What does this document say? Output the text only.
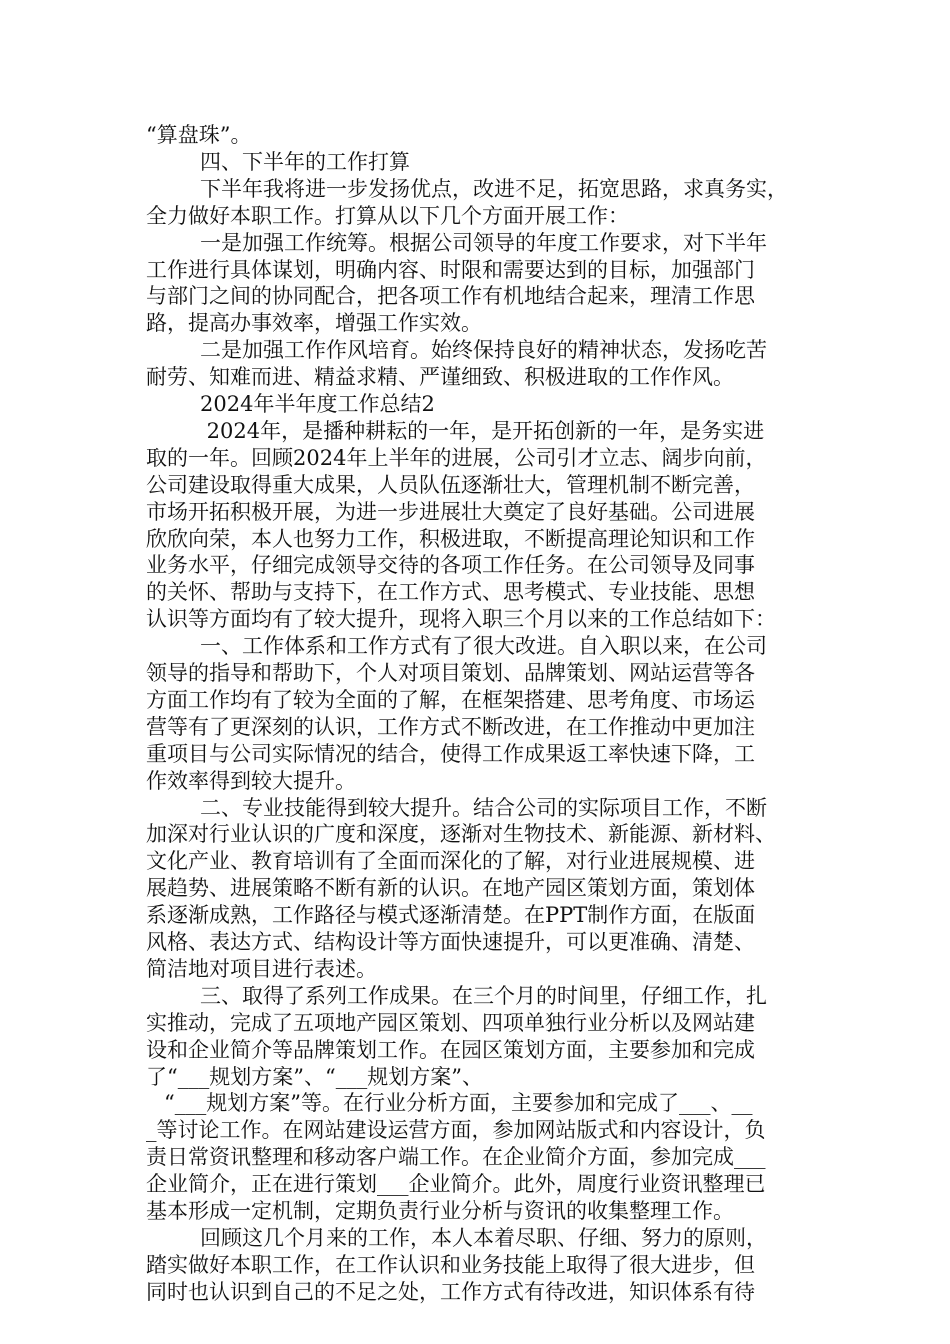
“算盘珠”。
四、下半年的工作打算
下半年我将进一步发扬优点，改进不足，拓宽思路，求真务实，
全力做好本职工作。打算从以下几个方面开展工作：
一是加强工作统筹。根据公司领导的年度工作要求，对下半年
工作进行具体谋划，明确内容、时限和需要达到的目标，加强部门
与部门之间的协同配合，把各项工作有机地结合起来，理清工作思
路，提高办事效率，增强工作实效。
二是加强工作作风培育。始终保持良好的精神状态，发扬吃苦
耐劳、知难而进、精益求精、严谨细致、积极进取的工作作风。
2024年半年度工作总结2
2024年，是播种耕耘的一年，是开拓创新的一年，是务实进
取的一年。回顾2024年上半年的进展，公司引才立志、阔步向前，
公司建设取得重大成果，人员队伍逐渐壮大，管理机制不断完善，
市场开拓积极开展，为进一步进展壮大奠定了良好基础。公司进展
欣欣向荣，本人也努力工作，积极进取，不断提高理论知识和工作
业务水平，仔细完成领导交待的各项工作任务。在公司领导及同事
的关怀、帮助与支持下，在工作方式、思考模式、专业技能、思想
认识等方面均有了较大提升，现将入职三个月以来的工作总结如下：
一、工作体系和工作方式有了很大改进。自入职以来，在公司
领导的指导和帮助下，个人对项目策划、品牌策划、网站运营等各
方面工作均有了较为全面的了解，在框架搭建、思考角度、市场运
营等有了更深刻的认识，工作方式不断改进，在工作推动中更加注
重项目与公司实际情况的结合，使得工作成果返工率快速下降，工
作效率得到较大提升。
二、专业技能得到较大提升。结合公司的实际项目工作，不断
加深对行业认识的广度和深度，逐渐对生物技术、新能源、新材料、
文化产业、教育培训有了全面而深化的了解，对行业进展规模、进
展趋势、进展策略不断有新的认识。在地产园区策划方面，策划体
系逐渐成熟，工作路径与模式逐渐清楚。在PPT制作方面，在版面
风格、表达方式、结构设计等方面快速提升，可以更准确、清楚、
简洁地对项目进行表述。
三、取得了系列工作成果。在三个月的时间里，仔细工作，扎
实推动，完成了五项地产园区策划、四项单独行业分析以及网站建
设和企业简介等品牌策划工作。在园区策划方面，主要参加和完成
了“___规划方案”、“___规划方案”、
“___规划方案”等。在行业分析方面，主要参加和完成了___、__
_等讨论工作。在网站建设运营方面，参加网站版式和内容设计，负
责日常资讯整理和移动客户端工作。在企业简介方面，参加完成___
企业简介，正在进行策划___企业简介。此外，周度行业资讯整理已
基本形成一定机制，定期负责行业分析与资讯的收集整理工作。
回顾这几个月来的工作，本人本着尽职、仔细、努力的原则，
踏实做好本职工作，在工作认识和业务技能上取得了很大进步，但
同时也认识到自己的不足之处，工作方式有待改进，知识体系有待
